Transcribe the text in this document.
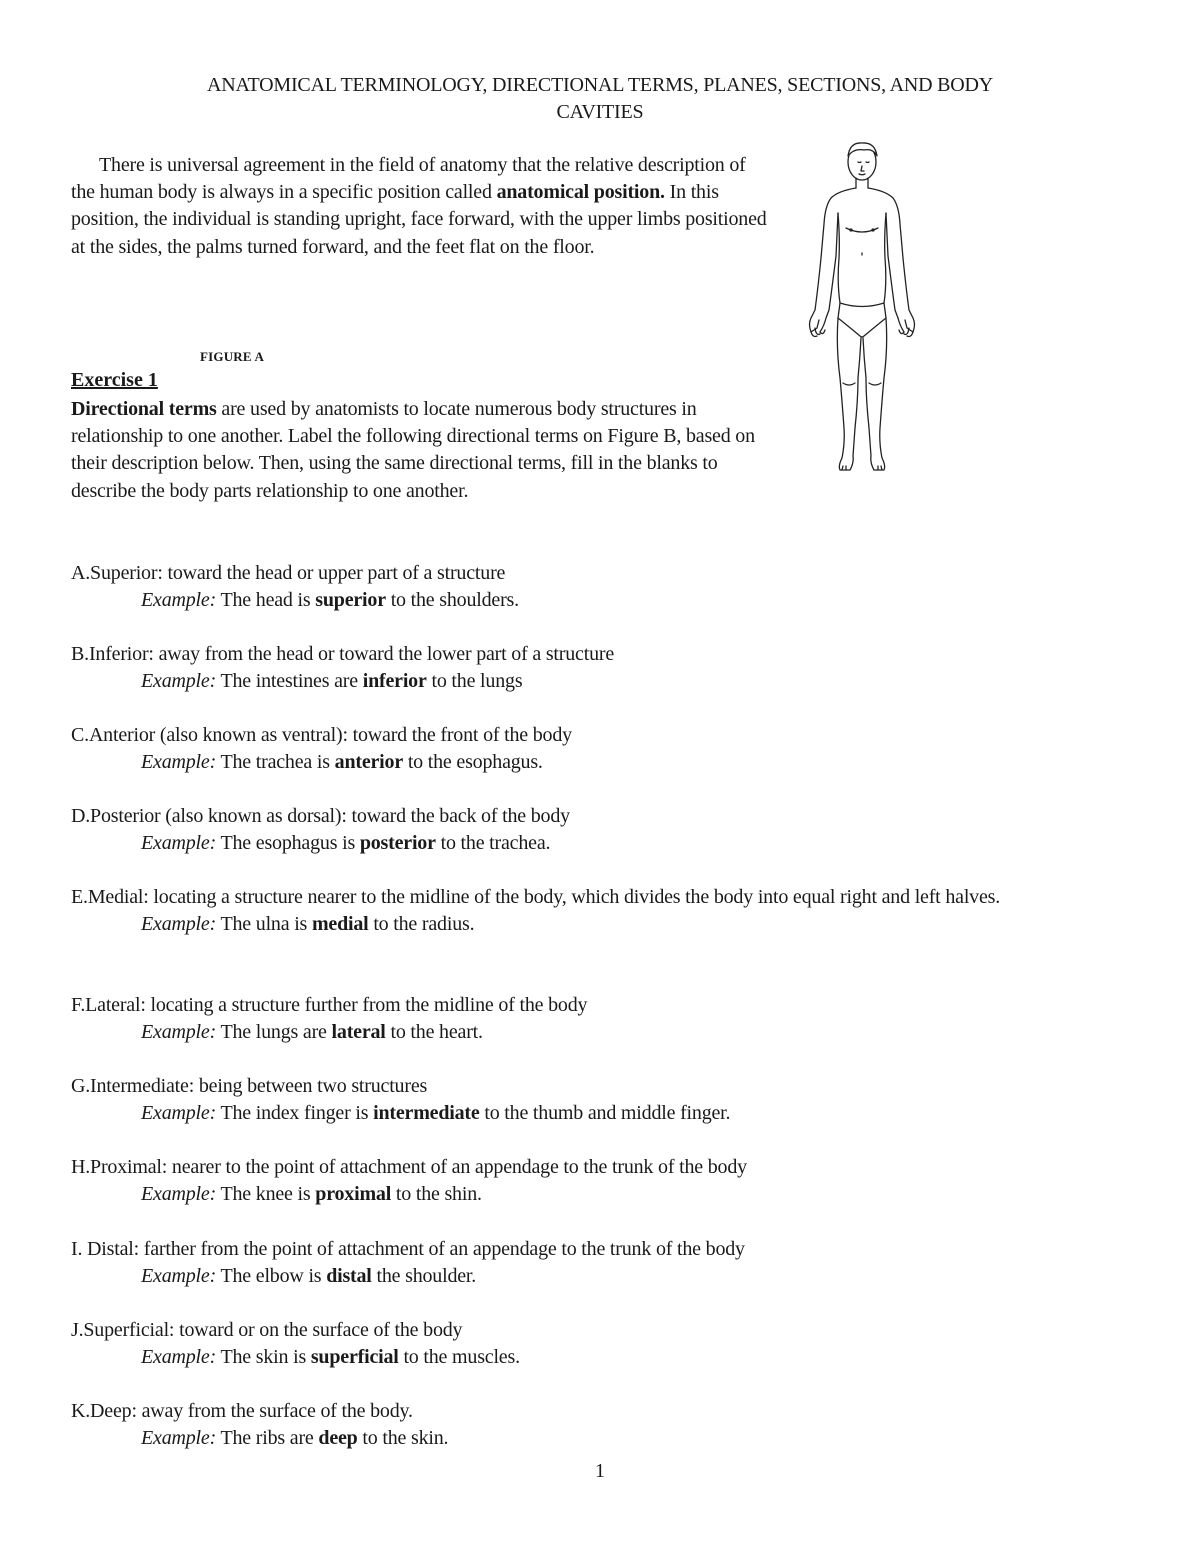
ANATOMICAL TERMINOLOGY, DIRECTIONAL TERMS, PLANES, SECTIONS, AND BODY
CAVITIES
There is universal agreement in the field of anatomy that the relative description of the human body is always in a specific position called anatomical position. In this position, the individual is standing upright, face forward, with the upper limbs positioned at the sides, the palms turned forward, and the feet flat on the floor.
FIGURE A
Exercise 1
Directional terms are used by anatomists to locate numerous body structures in relationship to one another. Label the following directional terms on Figure B, based on their description below. Then, using the same directional terms, fill in the blanks to describe the body parts relationship to one another.
A.Superior: toward the head or upper part of a structure
Example: The head is superior to the shoulders.
B.Inferior: away from the head or toward the lower part of a structure
Example: The intestines are inferior to the lungs
C.Anterior (also known as ventral): toward the front of the body
Example: The trachea is anterior to the esophagus.
D.Posterior (also known as dorsal): toward the back of the body
Example: The esophagus is posterior to the trachea.
E.Medial: locating a structure nearer to the midline of the body, which divides the body into equal right and left halves.
Example: The ulna is medial to the radius.
F.Lateral: locating a structure further from the midline of the body
Example: The lungs are lateral to the heart.
G.Intermediate: being between two structures
Example: The index finger is intermediate to the thumb and middle finger.
H.Proximal: nearer to the point of attachment of an appendage to the trunk of the body
Example: The knee is proximal to the shin.
I. Distal: farther from the point of attachment of an appendage to the trunk of the body
Example: The elbow is distal the shoulder.
J.Superficial: toward or on the surface of the body
Example: The skin is superficial to the muscles.
K.Deep: away from the surface of the body.
Example: The ribs are deep to the skin.
1
